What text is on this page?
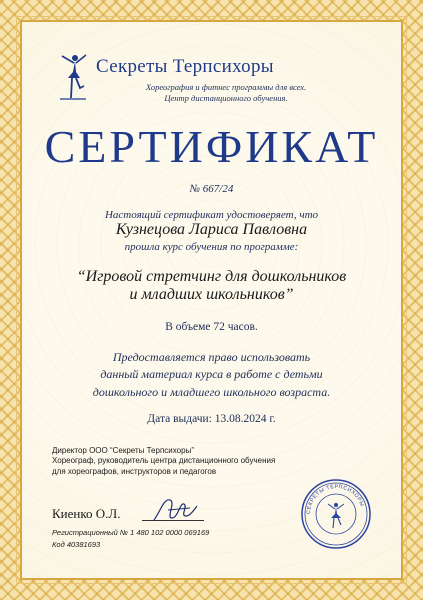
Секреты Терпсихоры
Хореография и фитнес программы для всех.
Центр дистанционного обучения.
СЕРТИФИКАТ
№ 667/24
Настоящий сертификат удостоверяет, что
Кузнецова Лариса Павловна
прошла курс обучения по программе:
“Игровой стретчинг для дошкольников
и младших школьников”
В объеме 72 часов.
Предоставляется право использовать
данный материал курса в работе с детьми
дошкольного и младшего школьного возраста.
Дата выдачи: 13.08.2024 г.
Директор ООО “Секреты Терпсихоры”
Хореограф, руководитель центра дистанционного обучения
для хореографов, инструкторов и педагогов
Киенко О.Л.
Регистрационный № 1 480 102 0000 069169
Код 40381693
СЕКРЕТЫ ТЕРПСИХОРЫ
